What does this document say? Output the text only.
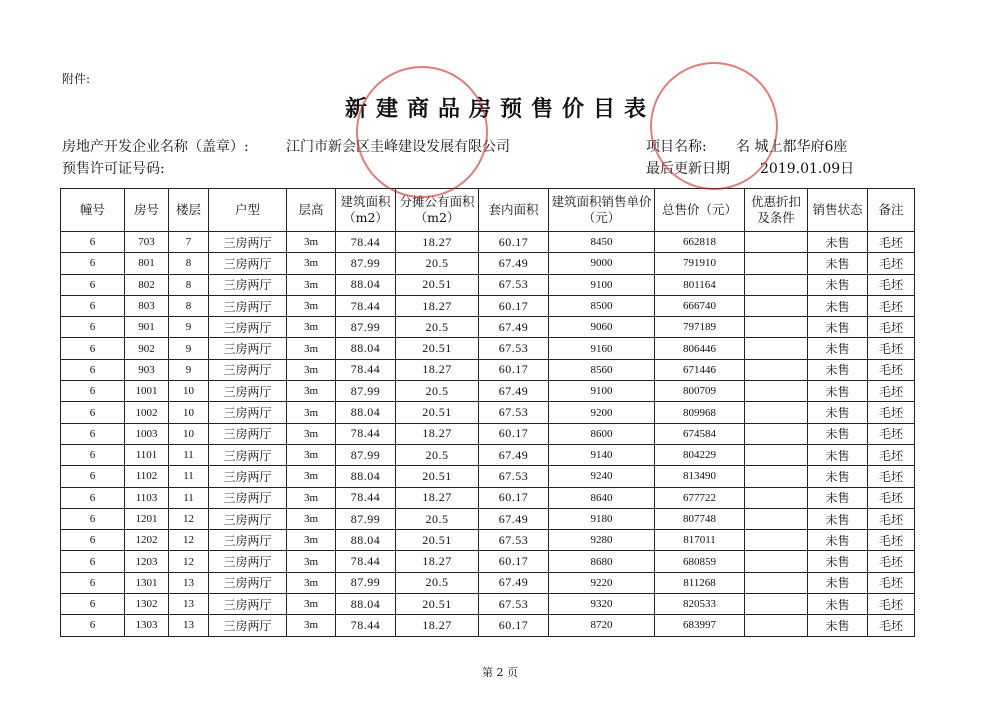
附件:
新建商品房预售价目表
房地产开发企业名称（盖章）:	江门市新会区圭峰建设发展有限公司
预售许可证号码:
项目名称: 名 城上都华府6座
最后更新日期 2019.01.09日
幢号	房号	楼层	户型	层高	建筑面积（m2）	分摊公有面积（m2）	套内面积	建筑面积销售单价（元）	总售价（元）	优惠折扣及条件	销售状态	备注
6	703	7	三房两厅	3m	78.44	18.27	60.17	8450	662818		未售	毛坯
6	801	8	三房两厅	3m	87.99	20.5	67.49	9000	791910		未售	毛坯
6	802	8	三房两厅	3m	88.04	20.51	67.53	9100	801164		未售	毛坯
6	803	8	三房两厅	3m	78.44	18.27	60.17	8500	666740		未售	毛坯
6	901	9	三房两厅	3m	87.99	20.5	67.49	9060	797189		未售	毛坯
6	902	9	三房两厅	3m	88.04	20.51	67.53	9160	806446		未售	毛坯
6	903	9	三房两厅	3m	78.44	18.27	60.17	8560	671446		未售	毛坯
6	1001	10	三房两厅	3m	87.99	20.5	67.49	9100	800709		未售	毛坯
6	1002	10	三房两厅	3m	88.04	20.51	67.53	9200	809968		未售	毛坯
6	1003	10	三房两厅	3m	78.44	18.27	60.17	8600	674584		未售	毛坯
6	1101	11	三房两厅	3m	87.99	20.5	67.49	9140	804229		未售	毛坯
6	1102	11	三房两厅	3m	88.04	20.51	67.53	9240	813490		未售	毛坯
6	1103	11	三房两厅	3m	78.44	18.27	60.17	8640	677722		未售	毛坯
6	1201	12	三房两厅	3m	87.99	20.5	67.49	9180	807748		未售	毛坯
6	1202	12	三房两厅	3m	88.04	20.51	67.53	9280	817011		未售	毛坯
6	1203	12	三房两厅	3m	78.44	18.27	60.17	8680	680859		未售	毛坯
6	1301	13	三房两厅	3m	87.99	20.5	67.49	9220	811268		未售	毛坯
6	1302	13	三房两厅	3m	88.04	20.51	67.53	9320	820533		未售	毛坯
6	1303	13	三房两厅	3m	78.44	18.27	60.17	8720	683997		未售	毛坯
第 2 页
